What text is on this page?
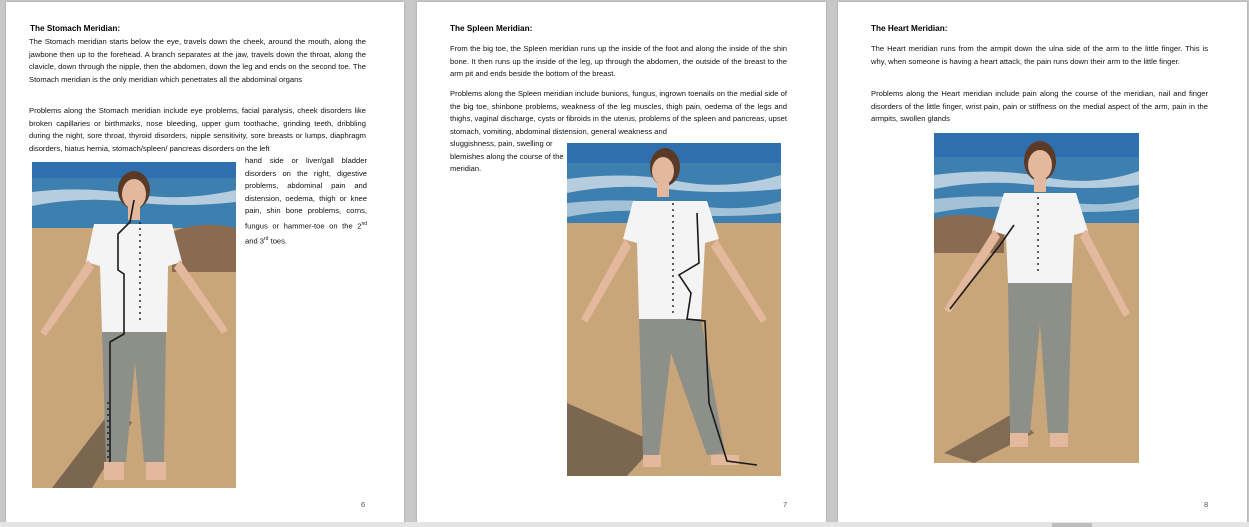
The Stomach Meridian:
The Stomach meridian starts below the eye, travels down the cheek, around the mouth, along the jawbone then up to the forehead. A branch separates at the jaw, travels down the throat, along the clavicle, down through the nipple, then the abdomen, down the leg and ends on the second toe. The Stomach meridian is the only meridian which penetrates all the abdominal organs
Problems along the Stomach meridian include eye problems, facial paralysis, cheek disorders like broken capillaries or birthmarks, nose bleeding, upper gum toothache, grinding teeth, dribbling during the night, sore throat, thyroid disorders, nipple sensitivity, sore breasts or lumps, diaphragm disorders, hiatus hernia, stomach/spleen/ pancreas disorders on the left
hand side or liver/gall bladder disorders on the right, digestive problems, abdominal pain and distension, oedema, thigh or knee pain, shin bone problems, corns, fungus or hammer-toe on the 2nd and 3rd toes.
6
The Spleen Meridian:
From the big toe, the Spleen meridian runs up the inside of the foot and along the inside of the shin bone. It then runs up the inside of the leg, up through the abdomen, the outside of the breast to the arm pit and ends beside the bottom of the breast.
Problems along the Spleen meridian include bunions, fungus, ingrown toenails on the medial side of the big toe, shinbone problems, weakness of the leg muscles, thigh pain, oedema of the legs and thighs, vaginal discharge, cysts or fibroids in the uterus, problems of the spleen and pancreas, upset stomach, vomiting, abdominal distension, general weakness and
sluggishness, pain, swelling or blemishes along the course of the meridian.
7
The Heart Meridian:
The Heart meridian runs from the armpit down the ulna side of the arm to the little finger. This is why, when someone is having a heart attack, the pain runs down their arm to the little finger.
Problems along the Heart meridian include pain along the course of the meridian, nail and finger disorders of the little finger, wrist pain, pain or stiffness on the medial aspect of the arm, pain in the armpits, swollen glands
8
